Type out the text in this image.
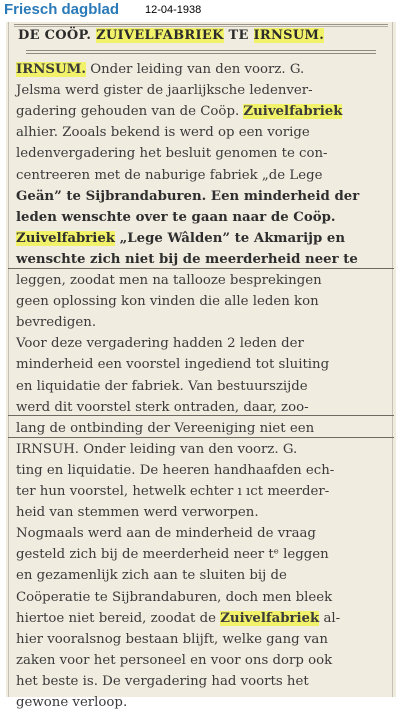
Friesch dagblad 12-04-1938
DE COÖP. ZUIVELFABRIEK TE IRNSUM.
IRNSUM. Onder leiding van den voorz. G.
Jelsma werd gister de jaarlijksche ledenver-
gadering gehouden van de Coöp. Zuivelfabriek
alhier. Zooals bekend is werd op een vorige
ledenvergadering het besluit genomen te con-
centreeren met de naburige fabriek „de Lege
Geän” te Sijbrandaburen. Een minderheid der
leden wenschte over te gaan naar de Coöp.
Zuivelfabriek „Lege Wâlden” te Akmarijp en
wenschte zich niet bij de meerderheid neer te
leggen, zoodat men na tallooze besprekingen
geen oplossing kon vinden die alle leden kon
bevredigen.
Voor deze vergadering hadden 2 leden der
minderheid een voorstel ingediend tot sluiting
en liquidatie der fabriek. Van bestuurszijde
werd dit voorstel sterk ontraden, daar, zoo-
lang de ontbinding der Vereeniging niet een
IRNSUH. Onder leiding van den voorz. G.
ting en liquidatie. De heeren handhaafden ech-
ter hun voorstel, hetwelk echter ı ıct meerder-
heid van stemmen werd verworpen.
Nogmaals werd aan de minderheid de vraag
gesteld zich bij de meerderheid neer tᵉ leggen
en gezamenlijk zich aan te sluiten bij de
Coöperatie te Sijbrandaburen, doch men bleek
hiertoe niet bereid, zoodat de Zuivelfabriek al-
hier vooralsnog bestaan blijft, welke gang van
zaken voor het personeel en voor ons dorp ook
het beste is. De vergadering had voorts het
gewone verloop.
